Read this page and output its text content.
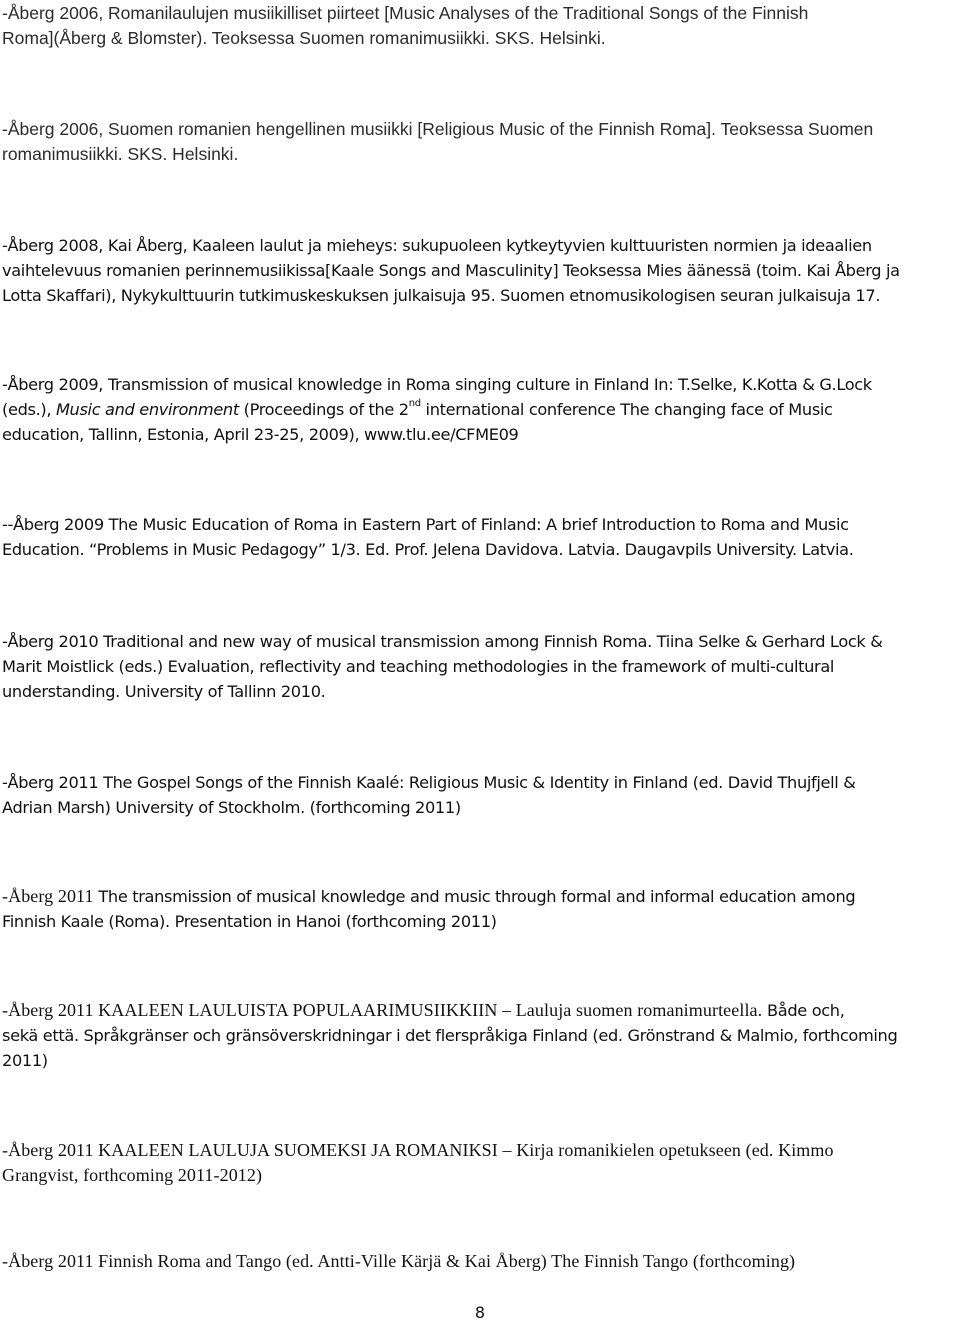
-Åberg 2006, Romanilaulujen musiikilliset piirteet [Music Analyses of the Traditional Songs of the Finnish
Roma](Åberg & Blomster). Teoksessa Suomen romanimusiikki. SKS. Helsinki.
-Åberg 2006, Suomen romanien hengellinen musiikki [Religious Music of the Finnish Roma]. Teoksessa Suomen
romanimusiikki. SKS. Helsinki.
-Åberg 2008, Kai Åberg, Kaaleen laulut ja mieheys: sukupuoleen kytkeytyvien kulttuuristen normien ja ideaalien
vaihtelevuus romanien perinnemusiikissa[Kaale Songs and Masculinity] Teoksessa Mies äänessä (toim. Kai Åberg ja
Lotta Skaffari), Nykykulttuurin tutkimuskeskuksen julkaisuja 95. Suomen etnomusikologisen seuran julkaisuja 17.
-Åberg 2009, Transmission of musical knowledge in Roma singing culture in Finland In: T.Selke, K.Kotta & G.Lock
(eds.), Music and environment (Proceedings of the 2nd international conference The changing face of Music
education, Tallinn, Estonia, April 23-25, 2009), www.tlu.ee/CFME09
--Åberg 2009 The Music Education of Roma in Eastern Part of Finland: A brief Introduction to Roma and Music
Education. “Problems in Music Pedagogy” 1/3. Ed. Prof. Jelena Davidova. Latvia. Daugavpils University. Latvia.
-Åberg 2010 Traditional and new way of musical transmission among Finnish Roma. Tiina Selke & Gerhard Lock &
Marit Moistlick (eds.) Evaluation, reflectivity and teaching methodologies in the framework of multi-cultural
understanding. University of Tallinn 2010.
-Åberg 2011 The Gospel Songs of the Finnish Kaalé: Religious Music & Identity in Finland (ed. David Thujfjell &
Adrian Marsh) University of Stockholm. (forthcoming 2011)
-Åberg 2011 The transmission of musical knowledge and music through formal and informal education among
Finnish Kaale (Roma). Presentation in Hanoi (forthcoming 2011)
-Åberg 2011 KAALEEN LAULUISTA POPULAARIMUSIIKKIIN – Lauluja suomen romanimurteella. Både och,
sekä että. Språkgränser och gränsöverskridningar i det flerspråkiga Finland (ed. Grönstrand & Malmio, forthcoming
2011)
-Åberg 2011 KAALEEN LAULUJA SUOMEKSI JA ROMANIKSI – Kirja romanikielen opetukseen (ed. Kimmo
Grangvist, forthcoming 2011-2012)
-Åberg 2011 Finnish Roma and Tango (ed. Antti-Ville Kärjä & Kai Åberg) The Finnish Tango (forthcoming)
8
